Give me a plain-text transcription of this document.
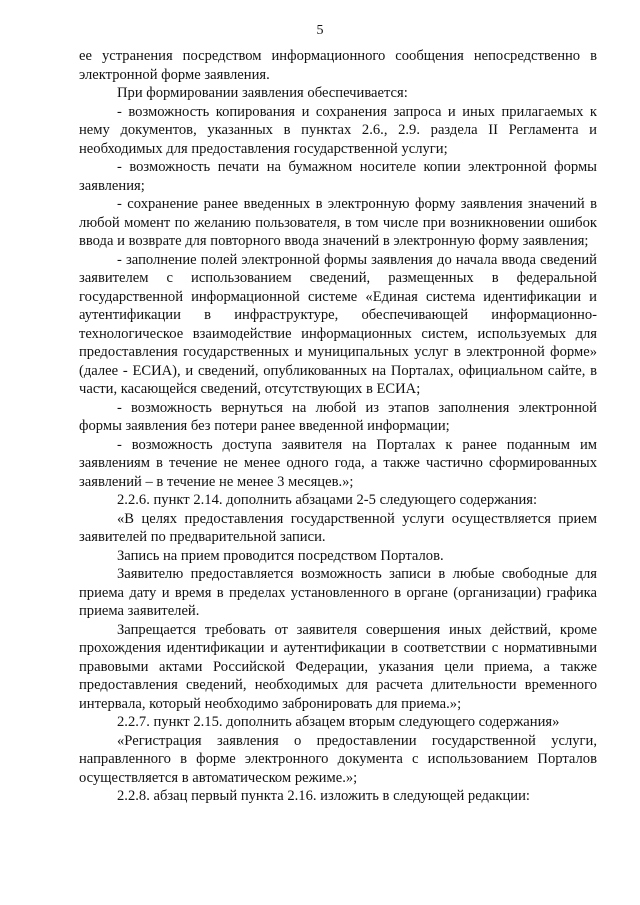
5

ее устранения посредством информационного сообщения непосредственно в электронной форме заявления.

При формировании заявления обеспечивается:

- возможность копирования и сохранения запроса и иных прилагаемых к нему документов, указанных в пунктах 2.6., 2.9. раздела II Регламента и необходимых для предоставления государственной услуги;

- возможность печати на бумажном носителе копии электронной формы заявления;

- сохранение ранее введенных в электронную форму заявления значений в любой момент по желанию пользователя, в том числе при возникновении ошибок ввода и возврате для повторного ввода значений в электронную форму заявления;

- заполнение полей электронной формы заявления до начала ввода сведений заявителем с использованием сведений, размещенных в федеральной государственной информационной системе «Единая система идентификации и аутентификации в инфраструктуре, обеспечивающей информационно-технологическое взаимодействие информационных систем, используемых для предоставления государственных и муниципальных услуг в электронной форме» (далее - ЕСИА), и сведений, опубликованных на Порталах, официальном сайте, в части, касающейся сведений, отсутствующих в ЕСИА;

- возможность вернуться на любой из этапов заполнения электронной формы заявления без потери ранее введенной информации;

- возможность доступа заявителя на Порталах к ранее поданным им заявлениям в течение не менее одного года, а также частично сформированных заявлений – в течение не менее 3 месяцев.»;

2.2.6. пункт 2.14. дополнить абзацами 2-5 следующего содержания:

«В целях предоставления государственной услуги осуществляется прием заявителей по предварительной записи.

Запись на прием проводится посредством Порталов.

Заявителю предоставляется возможность записи в любые свободные для приема дату и время в пределах установленного в органе (организации) графика приема заявителей.

Запрещается требовать от заявителя совершения иных действий, кроме прохождения идентификации и аутентификации в соответствии с нормативными правовыми актами Российской Федерации, указания цели приема, а также предоставления сведений, необходимых для расчета длительности временного интервала, который необходимо забронировать для приема.»;

2.2.7. пункт 2.15. дополнить абзацем вторым следующего содержания»

«Регистрация заявления о предоставлении государственной услуги, направленного в форме электронного документа с использованием Порталов осуществляется в автоматическом режиме.»;

2.2.8. абзац первый пункта 2.16. изложить в следующей редакции:
